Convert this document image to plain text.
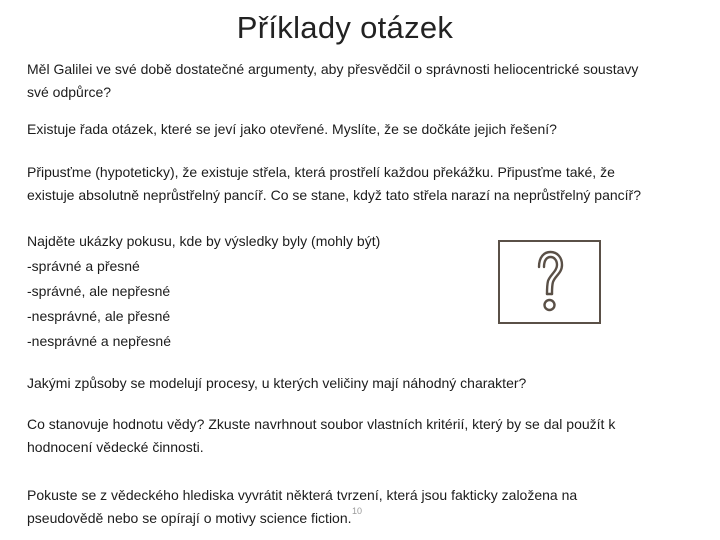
Příklady otázek
Měl Galilei ve své době dostatečné argumenty, aby přesvědčil o správnosti heliocentrické soustavy
své odpůrce?
Existuje řada otázek, které se jeví jako otevřené. Myslíte, že se dočkáte jejich řešení?
Připusťme (hypoteticky), že existuje střela, která prostřelí každou překážku. Připusťme také, že
existuje absolutně neprůstřelný pancíř. Co se stane, když tato střela narazí na neprůstřelný pancíř?
Najděte ukázky pokusu, kde by výsledky byly (mohly být)
-správné a přesné
-správné, ale nepřesné
-nesprávné, ale přesné
-nesprávné a nepřesné
Jakými způsoby se modelují procesy, u kterých veličiny mají náhodný charakter?
Co stanovuje hodnotu vědy? Zkuste navrhnout soubor vlastních kritérií, který by se dal použít k
hodnocení vědecké činnosti.
Pokuste se z vědeckého hlediska vyvrátit některá tvrzení, která jsou fakticky založena na
pseudovědě nebo se opírají o motivy science fiction. 10
